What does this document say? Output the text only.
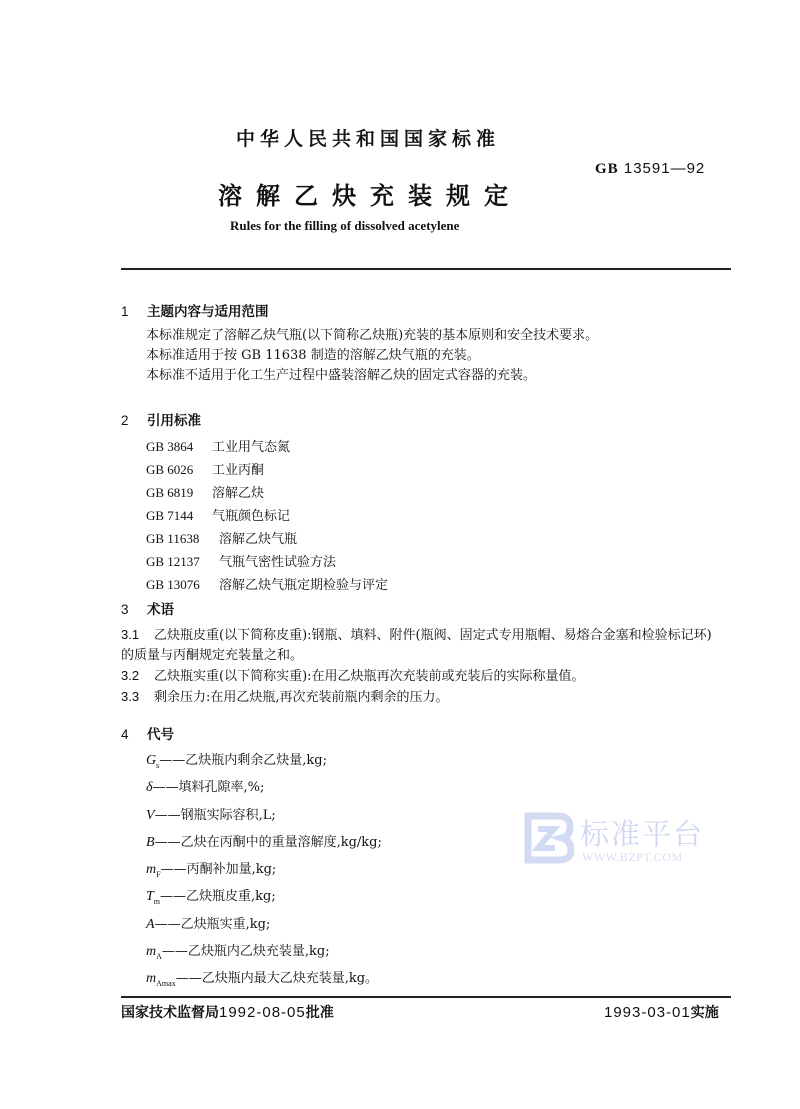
中华人民共和国国家标准
GB 13591—92
溶解乙炔充装规定
Rules for the filling of dissolved acetylene
1 主题内容与适用范围
本标准规定了溶解乙炔气瓶(以下简称乙炔瓶)充装的基本原则和安全技术要求。
本标准适用于按 GB 11638 制造的溶解乙炔气瓶的充装。
本标准不适用于化工生产过程中盛装溶解乙炔的固定式容器的充装。
2 引用标准
GB 3864 工业用气态氮
GB 6026 工业丙酮
GB 6819 溶解乙炔
GB 7144 气瓶颜色标记
GB 11638 溶解乙炔气瓶
GB 12137 气瓶气密性试验方法
GB 13076 溶解乙炔气瓶定期检验与评定
3 术语
3.1 乙炔瓶皮重(以下简称皮重):钢瓶、填料、附件(瓶阀、固定式专用瓶帽、易熔合金塞和检验标记环)
的质量与丙酮规定充装量之和。
3.2 乙炔瓶实重(以下简称实重):在用乙炔瓶再次充装前或充装后的实际称量值。
3.3 剩余压力:在用乙炔瓶,再次充装前瓶内剩余的压力。
4 代号
$G_s——$乙炔瓶内剩余乙炔量,kg;
δ——填料孔隙率,%;
V——钢瓶实际容积,L;
B——乙炔在丙酮中的重量溶解度,kg/kg;
$m_F——$丙酮补加量,kg;
$T_m——$乙炔瓶皮重,kg;
A——乙炔瓶实重,kg;
$m_A——$乙炔瓶内乙炔充装量,kg;
$m_{Amax}——$乙炔瓶内最大乙炔充装量,kg。
标准平台
WWW.BZPT.COM
国家技术监督局1992-08-05批准	1993-03-01实施
